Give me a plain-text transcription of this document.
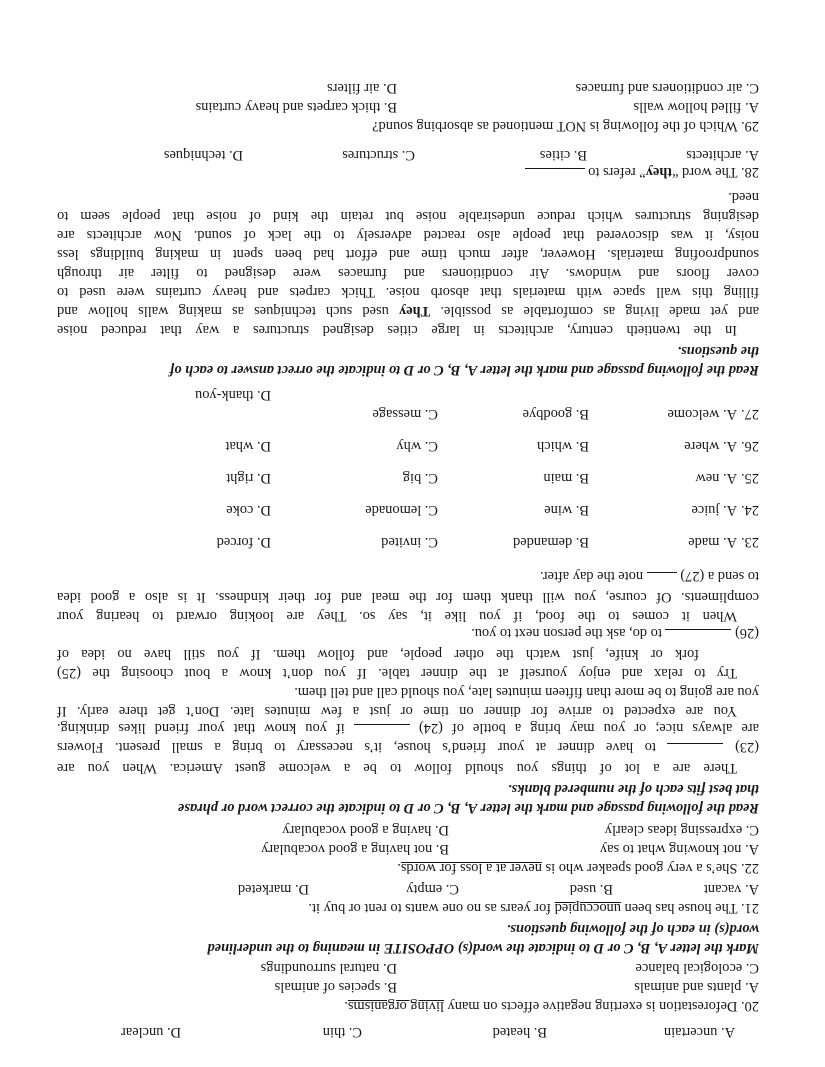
A. uncertain
B. heated
C. thin
D. unclear
20. Deforestation is exerting negative effects on many living organisms.
A. plants and animals
B. species of animals
C. ecological balance
D. natural surroundings
Mark the letter A, B, C or D to indicate the word(s) OPPOSITE in meaning to the underlined
word(s) in each of the following questions.
21. The house has been unoccupied for years as no one wants to rent or buy it.
A. vacant
B. used
C. empty
D. marketed
22. She’s a very good speaker who is never at a loss for words.
A. not knowing what to say
B. not having a good vocabulary
C. expressing ideas clearly
D. having a good vocabulary
Read the following passage and mark the letter A, B, C or D to indicate the correct word or phrase
that best fits each of the numbered blanks.
There are a lot of things you should follow to be a welcome guest America. When you are
(23)  to have dinner at your friend’s house, it’s necessary to bring a small present. Flowers
are always nice; or you may bring a bottle of (24)  if you know that your friend likes drinking.
You are expected to arrive for dinner on time or just a few minutes late. Don’t get there early. If
you are going to be more than fifteen minutes late, you should call and tell them.
Try to relax and enjoy yourself at the dinner table. If you don’t know a bout choosing the (25)
fork or knife, just watch the other people, and follow them. If you still have no idea of
(26)  to do, ask the person next to you.
When it comes to the food, if you like it, say so. They are looking orward to hearing your
compliments. Of course, you will thank them for the meal and for their kindness. It is also a good idea
to send a (27)  note the day after.
23.
A. made
B. demanded
C. invited
D. forced
24.
A. juice
B. wine
C. lemonade
D. coke
25.
A. new
B. main
C. big
D. right
26.
A. where
B. which
C. why
D. what
27.
A. welcome
B. goodbye
C. message
D. thank-you
Read the following passage and mark the letter A, B, C or D to indicate the orrect answer to each of
the questions.
In the twentieth century, architects in large cities designed structures a way that reduced noise
and yet made living as comfortable as possible. They used such techniques as making walls hollow and
filling this wall space with materials that absorb noise. Thick carpets and heavy curtains were used to
cover floors and windows. Air conditioners and furnaces were designed to filter air through
soundproofing materials. However, after much time and effort had been spent in making buildings less
noisy, it was discovered that people also reacted adversely to the lack of sound. Now architects are
designing structures which reduce undesirable noise but retain the kind of noise that people seem to
need.
28. The word “they” refers to
A. architects
B. cities
C. structures
D. techniques
29. Which of the following is NOT mentioned as absorbing sound?
A. filled hollow walls
B. thick carpets and heavy curtains
C. air conditioners and furnaces
D. air filters
